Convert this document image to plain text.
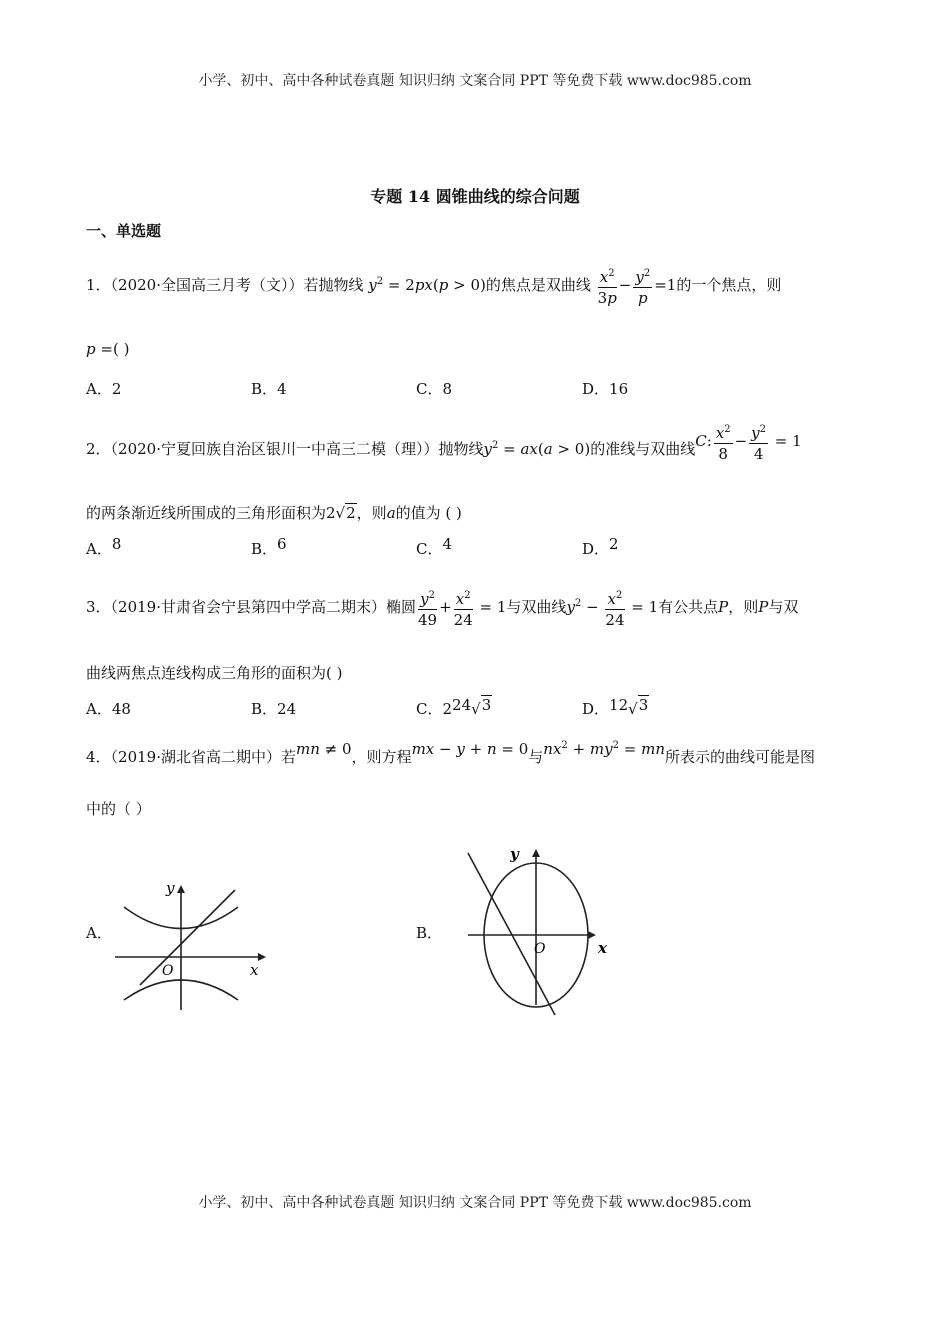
小学、初中、高中各种试卷真题 知识归纳 文案合同 PPT 等免费下载 www.doc985.com
专题 14 圆锥曲线的综合问题
一、单选题
1．（2020·全国高三月考（文））若抛物线 $y^2 = 2px(p > 0)$的焦点是双曲线 $\frac{x^2}{3p} - \frac{y^2}{p} =1$的一个焦点，则
p =( )
A．2	B．4	C．8	D．16
2．（2020·宁夏回族自治区银川一中高三二模（理））抛物线$y^2 = ax(a > 0)$的准线与双曲线C: $\frac{x^2}{8} - \frac{y^2}{4} = 1$
的两条渐近线所围成的三角形面积为2√2，则a的值为 ( )
A．8	B．6	C．4	D．2
3．（2019·甘肃省会宁县第四中学高二期末）椭圆 $\frac{y^2}{49} + \frac{x^2}{24} = 1$与双曲线$y^2 - \frac{x^2}{24} = 1$有公共点P，则P与双
曲线两焦点连线构成三角形的面积为( )
A．48	B．24	C．224√3	D．12√3
4．（2019·湖北省高二期中）若mn ≠ 0，则方程mx − y + n = 0与$nx^2 + my^2$ = mn所表示的曲线可能是图
中的（ ）
A．	B．
x
y
O
x
y
O
小学、初中、高中各种试卷真题 知识归纳 文案合同 PPT 等免费下载 www.doc985.com
